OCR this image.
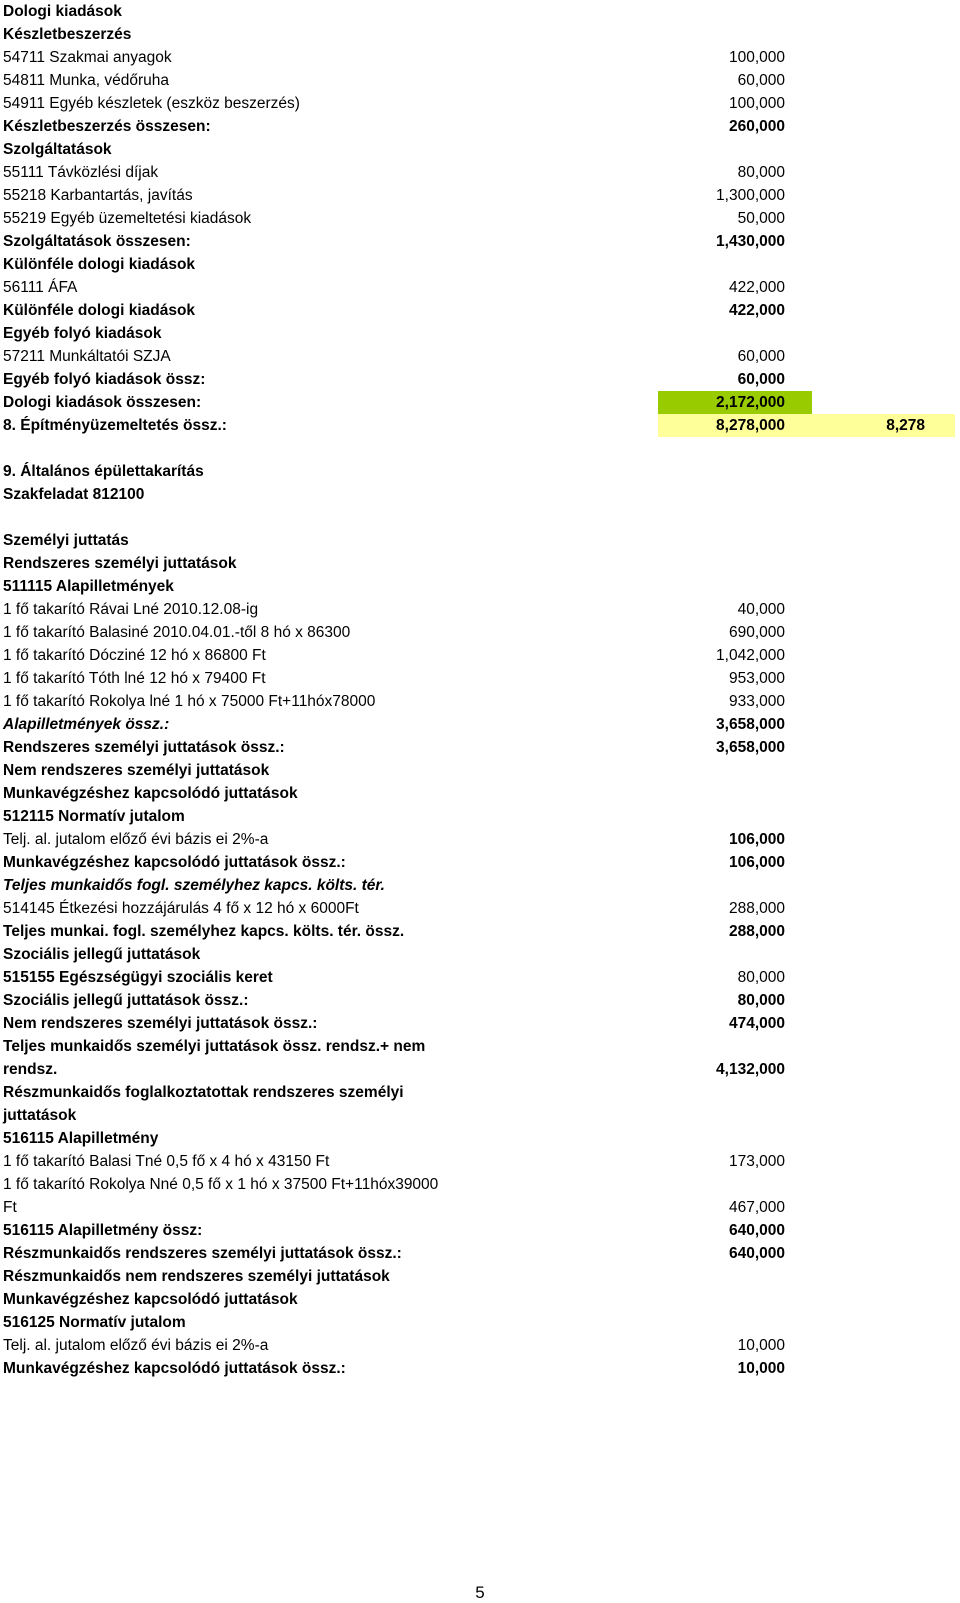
Dologi kiadások
Készletbeszerzés
54711 Szakmai anyagok	100,000
54811 Munka, védőruha	60,000
54911 Egyéb készletek (eszköz beszerzés)	100,000
Készletbeszerzés összesen:	260,000
Szolgáltatások
55111 Távközlési díjak	80,000
55218 Karbantartás, javítás	1,300,000
55219 Egyéb üzemeltetési kiadások	50,000
Szolgáltatások összesen:	1,430,000
Különféle dologi kiadások
56111 ÁFA	422,000
Különféle dologi kiadások	422,000
Egyéb folyó kiadások
57211 Munkáltatói SZJA	60,000
Egyéb folyó kiadások össz:	60,000
Dologi kiadások összesen:	2,172,000
8. Építményüzemeltetés össz.:	8,278,000	8,278
9. Általános épülettakarítás
Szakfeladat 812100
Személyi juttatás
Rendszeres személyi juttatások
511115 Alapilletmények
1 fő takarító Rávai Lné 2010.12.08-ig	40,000
1 fő takarító Balasiné 2010.04.01.-től 8 hó x 86300	690,000
1 fő takarító Dócziné 12 hó x 86800 Ft	1,042,000
1 fő takarító Tóth lné 12 hó x 79400 Ft	953,000
1 fő takarító Rokolya lné 1 hó x 75000 Ft+11hóx78000	933,000
Alapilletmények össz.:	3,658,000
Rendszeres személyi juttatások össz.:	3,658,000
Nem rendszeres személyi juttatások
Munkavégzéshez kapcsolódó juttatások
512115 Normatív jutalom
Telj. al. jutalom előző évi bázis ei 2%-a	106,000
Munkavégzéshez kapcsolódó juttatások össz.:	106,000
Teljes munkaidős fogl. személyhez kapcs. költs. tér.
514145 Étkezési hozzájárulás 4 fő x 12 hó x 6000Ft	288,000
Teljes munkai. fogl. személyhez kapcs. költs. tér. össz.	288,000
Szociális jellegű juttatások
515155 Egészségügyi szociális keret	80,000
Szociális jellegű juttatások össz.:	80,000
Nem rendszeres személyi juttatások össz.:	474,000
Teljes munkaidős személyi juttatások össz. rendsz.+ nem
rendsz.	4,132,000
Részmunkaidős foglalkoztatottak rendszeres személyi
juttatások
516115 Alapilletmény
1 fő takarító Balasi Tné 0,5 fő x 4 hó x 43150 Ft	173,000
1 fő takarító Rokolya Nné 0,5 fő x 1 hó x 37500 Ft+11hóx39000
Ft	467,000
516115 Alapilletmény össz:	640,000
Részmunkaidős rendszeres személyi juttatások össz.:	640,000
Részmunkaidős nem rendszeres személyi juttatások
Munkavégzéshez kapcsolódó juttatások
516125 Normatív jutalom
Telj. al. jutalom előző évi bázis ei 2%-a	10,000
Munkavégzéshez kapcsolódó juttatások össz.:	10,000
5
